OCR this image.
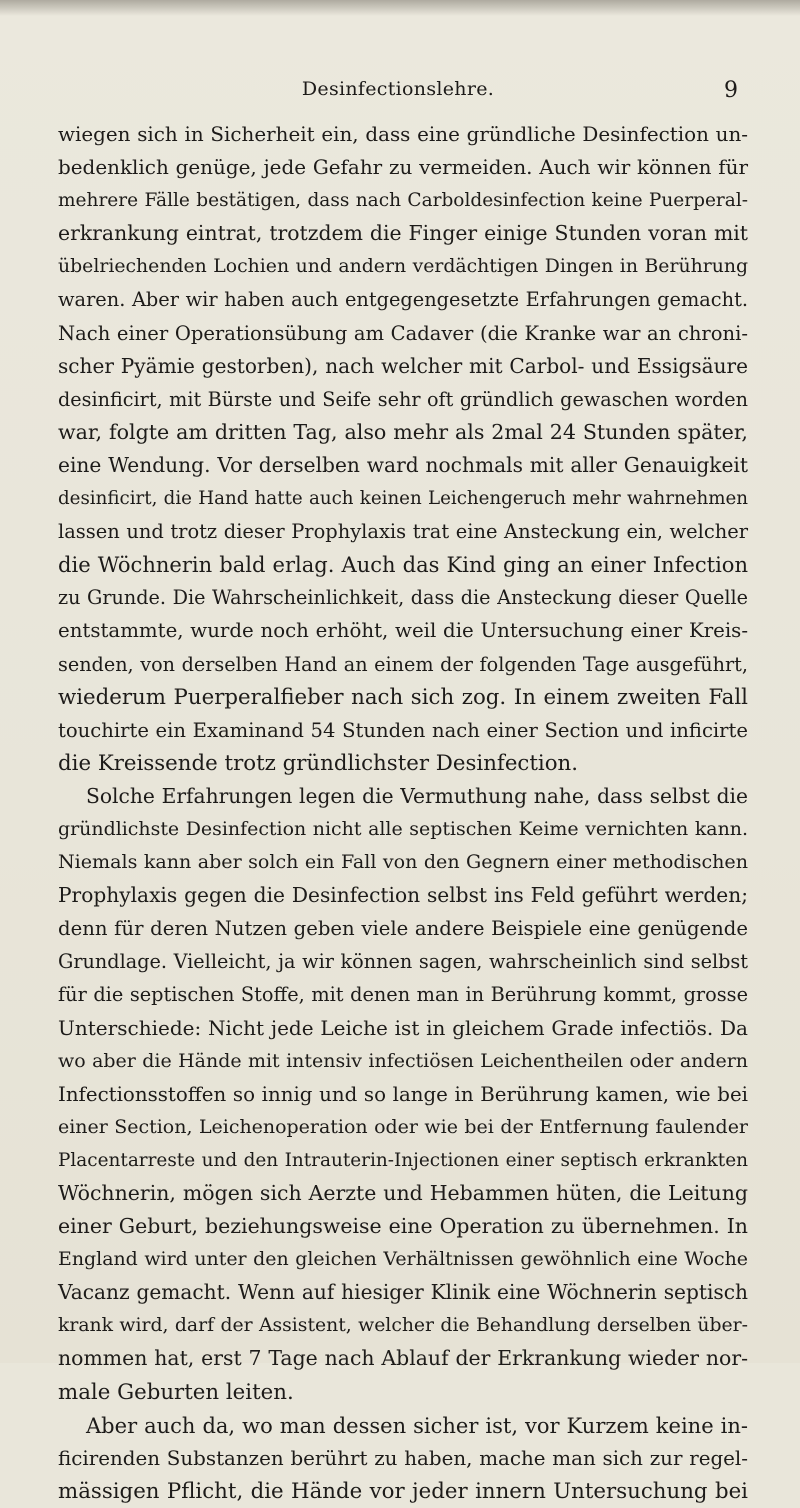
Desinfectionslehre.	9
wiegen sich in Sicherheit ein, dass eine gründliche Desinfection un-
bedenklich genüge, jede Gefahr zu vermeiden. Auch wir können für
mehrere Fälle bestätigen, dass nach Carboldesinfection keine Puerperal-
erkrankung eintrat, trotzdem die Finger einige Stunden voran mit
übelriechenden Lochien und andern verdächtigen Dingen in Berührung
waren. Aber wir haben auch entgegengesetzte Erfahrungen gemacht.
Nach einer Operationsübung am Cadaver (die Kranke war an chroni-
scher Pyämie gestorben), nach welcher mit Carbol- und Essigsäure
desinficirt, mit Bürste und Seife sehr oft gründlich gewaschen worden
war, folgte am dritten Tag, also mehr als 2mal 24 Stunden später,
eine Wendung. Vor derselben ward nochmals mit aller Genauigkeit
desinficirt, die Hand hatte auch keinen Leichengeruch mehr wahrnehmen
lassen und trotz dieser Prophylaxis trat eine Ansteckung ein, welcher
die Wöchnerin bald erlag. Auch das Kind ging an einer Infection
zu Grunde. Die Wahrscheinlichkeit, dass die Ansteckung dieser Quelle
entstammte, wurde noch erhöht, weil die Untersuchung einer Kreis-
senden, von derselben Hand an einem der folgenden Tage ausgeführt,
wiederum Puerperalfieber nach sich zog. In einem zweiten Fall
touchirte ein Examinand 54 Stunden nach einer Section und inficirte
die Kreissende trotz gründlichster Desinfection.
Solche Erfahrungen legen die Vermuthung nahe, dass selbst die
gründlichste Desinfection nicht alle septischen Keime vernichten kann.
Niemals kann aber solch ein Fall von den Gegnern einer methodischen
Prophylaxis gegen die Desinfection selbst ins Feld geführt werden;
denn für deren Nutzen geben viele andere Beispiele eine genügende
Grundlage. Vielleicht, ja wir können sagen, wahrscheinlich sind selbst
für die septischen Stoffe, mit denen man in Berührung kommt, grosse
Unterschiede: Nicht jede Leiche ist in gleichem Grade infectiös. Da
wo aber die Hände mit intensiv infectiösen Leichentheilen oder andern
Infectionsstoffen so innig und so lange in Berührung kamen, wie bei
einer Section, Leichenoperation oder wie bei der Entfernung faulender
Placentarreste und den Intrauterin-Injectionen einer septisch erkrankten
Wöchnerin, mögen sich Aerzte und Hebammen hüten, die Leitung
einer Geburt, beziehungsweise eine Operation zu übernehmen. In
England wird unter den gleichen Verhältnissen gewöhnlich eine Woche
Vacanz gemacht. Wenn auf hiesiger Klinik eine Wöchnerin septisch
krank wird, darf der Assistent, welcher die Behandlung derselben über-
nommen hat, erst 7 Tage nach Ablauf der Erkrankung wieder nor-
male Geburten leiten.
Aber auch da, wo man dessen sicher ist, vor Kurzem keine in-
ficirenden Substanzen berührt zu haben, mache man sich zur regel-
mässigen Pflicht, die Hände vor jeder innern Untersuchung bei
